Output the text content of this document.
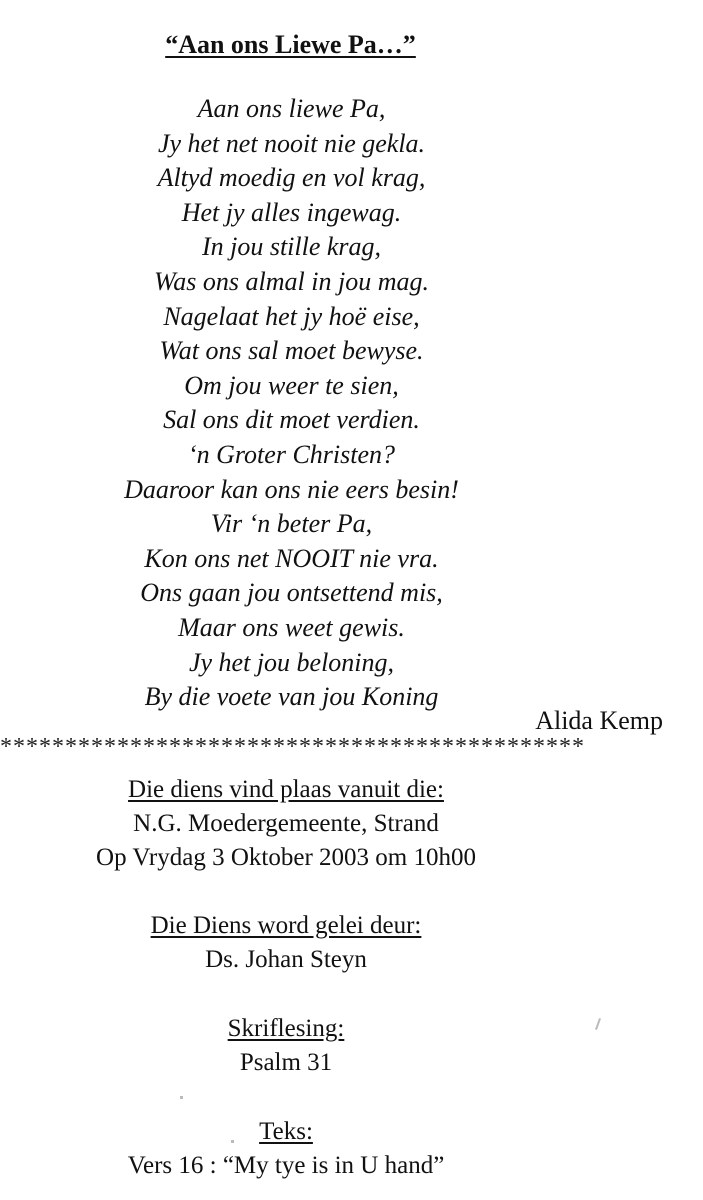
“Aan ons Liewe Pa…”
Aan ons liewe Pa,
Jy het net nooit nie gekla.
Altyd moedig en vol krag,
Het jy alles ingewag.
In jou stille krag,
Was ons almal in jou mag.
Nagelaat het jy hoë eise,
Wat ons sal moet bewyse.
Om jou weer te sien,
Sal ons dit moet verdien.
‘n Groter Christen?
Daaroor kan ons nie eers besin!
Vir ‘n beter Pa,
Kon ons net NOOIT nie vra.
Ons gaan jou ontsettend mis,
Maar ons weet gewis.
Jy het jou beloning,
By die voete van jou Koning
Alida Kemp
*********************************************
Die diens vind plaas vanuit die:
N.G. Moedergemeente, Strand
Op Vrydag 3 Oktober 2003 om 10h00
Die Diens word gelei deur:
Ds. Johan Steyn
Skriflesing:
Psalm 31
Teks:
Vers 16 : “My tye is in U hand”
